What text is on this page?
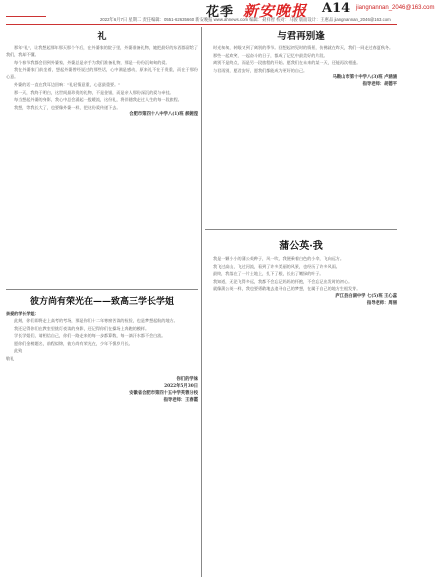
花季 新安晚报 A14 jiangnannan_2046@163.com
2022年6月7日 星期二 责任编辑：0551-62635660 新安晚报 www.ahnews.com 编辑：聂祥智 校对：马骏 版面设计：王惠品 jiangnannan_2046@163.com
礼

那年"礼"，让我想起那年那天那个午后，在外婆家的院子里，外婆准备礼物，她把最好的东西都留给了我们，我却不懂。

每个春节我都会回到外婆家，外婆总是亲手为我们准备礼物，那是一份份沉甸甸的爱。

我在外婆家门前坐着，想起外婆曾经说过的那些话，心中满是感动，原来礼不在于贵重，而在于那份心意。

外婆的话一直在我耳边回响："礼轻情意重，心意最重要。"

那一天，我终于明白，这世间最珍贵的礼物，不是金银，而是亲人那份深沉的爱与牵挂。

每当想起外婆的身影，我心中总会涌起一股暖流，这份礼，将伴随我走过人生的每一段旅程。

我想，等我长大了，也要像外婆一样，把这份爱传递下去。

合肥市第四十八中学八(1)班 郝婉滢
彼方尚有荣光在——致高三学长学姐
亲爱的学长学姐：

此刻，你们即将走上高考的考场，那是你们十二年寒窗苦读的检验，也是梦想起航的地方。

我还记得你们在教室里挑灯夜读的身影，还记得你们在操场上奔跑的模样。

学长学姐们，请相信自己，你们一路走来的每一步都算数，每一滴汗水都不会白流。

愿你们金榜题名，前程似锦，彼方尚有荣光在，少年不惧岁月长。

此致
敬礼
你们的学妹
2022年5月30日
安徽省合肥市第四十五中学芙蓉分校
指导老师：王春霞
与君再别逢

时光匆匆，转眼又到了离别的季节。回想起初见时的情景，仿佛就在昨天，我们一同走过春夏秋冬。

那些一起欢笑、一起奋斗的日子，都成了记忆中最美好的片段。

离别不是终点，而是另一段旅程的开始。愿我们在未来的某一天，还能再次相逢。

与君再别，愿君安好，愿我们都能成为更好的自己。

马鞍山市第十中学八(3)班 卢涵涵
指导老师：胡德平
蒲公英·我

我是一颗小小的蒲公英种子，风一吹，我便乘着白色的小伞，飞向远方。

我飞过高山，飞过河流，看到了许多美丽的风景，也经历了许多风雨。

最终，我落在了一片土地上，扎下了根，长出了嫩绿的叶子。

我知道，无论飞得多远，我都不会忘记妈妈的怀抱，不会忘记出发时的初心。

就像蒲公英一样，我也要勇敢地去追寻自己的梦想，在属于自己的地方生根发芽。

庐江县白湖中学 七(5)班 王心蕊
指导老师：周丽
